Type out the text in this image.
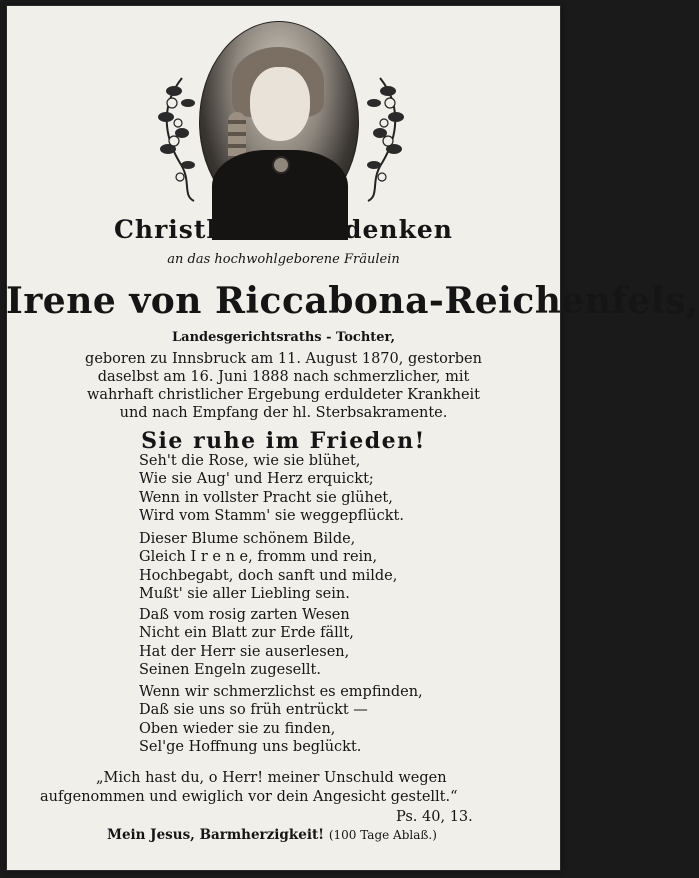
Christliches Andenken
an das hochwohlgeborene Fräulein
Irene von Riccabona-Reichenfels,
Landesgerichtsraths - Tochter,
geboren zu Innsbruck am 11. August 1870, gestorben
daselbst am 16. Juni 1888 nach schmerzlicher, mit
wahrhaft christlicher Ergebung erduldeter Krankheit
und nach Empfang der hl. Sterbsakramente.
Sie ruhe im Frieden!
Seh't die Rose, wie sie blühet,
Wie sie Aug' und Herz erquickt;
Wenn in vollster Pracht sie glühet,
Wird vom Stamm' sie weggepflückt.
Dieser Blume schönem Bilde,
Gleich I r e n e, fromm und rein,
Hochbegabt, doch sanft und milde,
Mußt' sie aller Liebling sein.
Daß vom rosig zarten Wesen
Nicht ein Blatt zur Erde fällt,
Hat der Herr sie auserlesen,
Seinen Engeln zugesellt.
Wenn wir schmerzlichst es empfinden,
Daß sie uns so früh entrückt —
Oben wieder sie zu finden,
Sel'ge Hoffnung uns beglückt.
„Mich hast du, o Herr! meiner Unschuld wegen
aufgenommen und ewiglich vor dein Angesicht gestellt.“
Ps. 40, 13.
Mein Jesus, Barmherzigkeit! (100 Tage Ablaß.)
